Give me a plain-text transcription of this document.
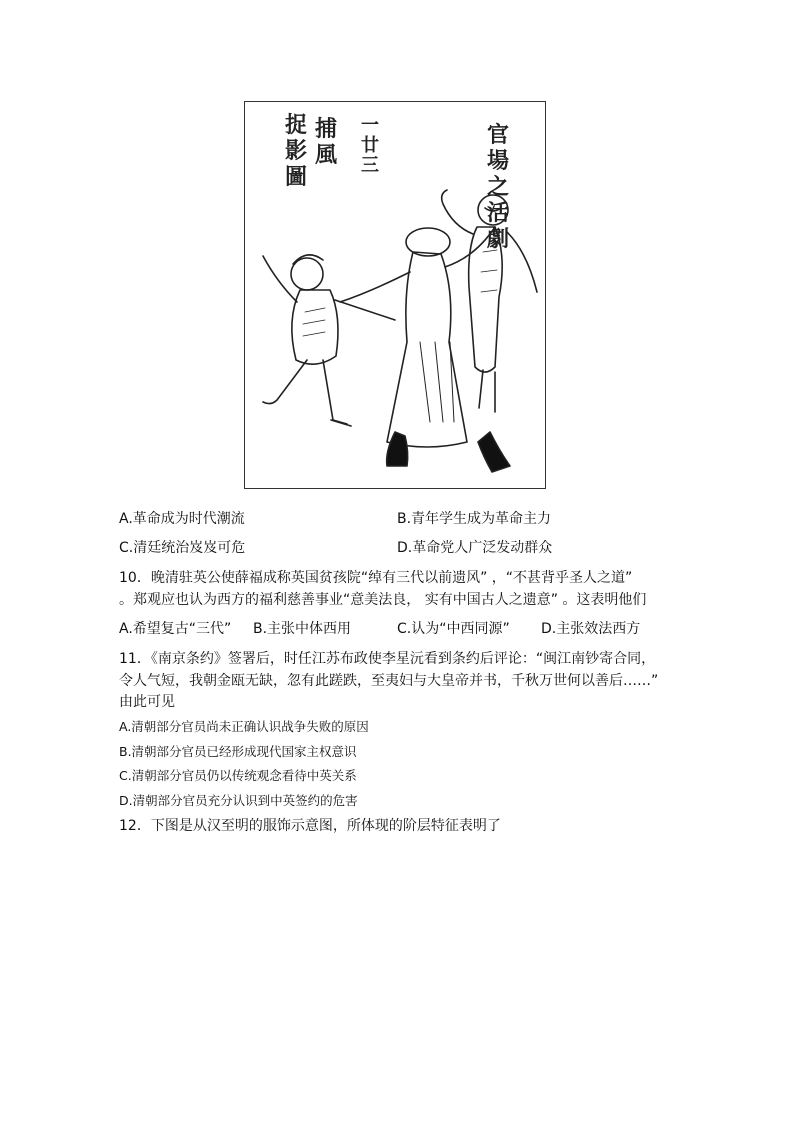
官
場
之
活
劇
一
廿
三
捕
風
捉
影
圖
A.革命成为时代潮流	B.青年学生成为革命主力
C.清廷统治岌岌可危	D.革命党人广泛发动群众
10．晚清驻英公使薛福成称英国贫孩院“绰有三代以前遗风” ，“不甚背乎圣人之道”
。郑观应也认为西方的福利慈善事业“意美法良， 实有中国古人之遗意” 。这表明他们
A.希望复古“三代” B.主张中体西用	C.认为“中西同源” D.主张效法西方
11．《南京条约》签署后，时任江苏布政使李星沅看到条约后评论：“闽江南钞寄合同，
令人气短，我朝金瓯无缺，忽有此蹉跌，至夷妇与大皇帝并书，千秋万世何以善后……”
由此可见
A.清朝部分官员尚未正确认识战争失败的原因
B.清朝部分官员已经形成现代国家主权意识
C.清朝部分官员仍以传统观念看待中英关系
D.清朝部分官员充分认识到中英签约的危害
12．下图是从汉至明的服饰示意图，所体现的阶层特征表明了
